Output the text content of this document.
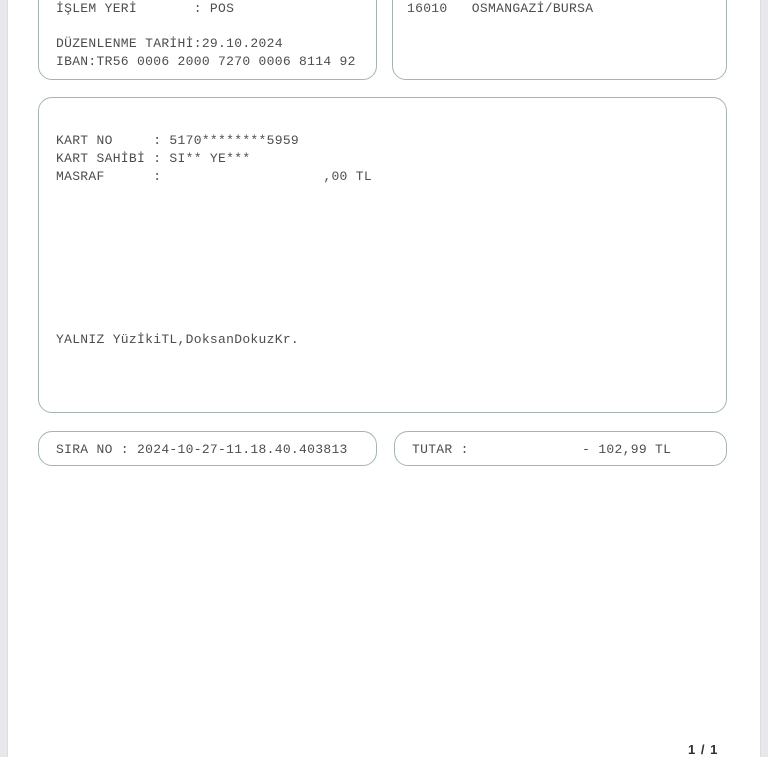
İŞLEM YERİ       : POS
DÜZENLENME TARİHİ:29.10.2024
IBAN:TR56 0006 2000 7270 0006 8114 92
16010   OSMANGAZİ/BURSA
KART NO     : 5170********5959
KART SAHİBİ : SI** YE***
MASRAF      :                    ,00 TL
YALNIZ YüzİkiTL,DoksanDokuzKr.
SIRA NO : 2024-10-27-11.18.40.403813	TUTAR :              - 102,99 TL
1 / 1
